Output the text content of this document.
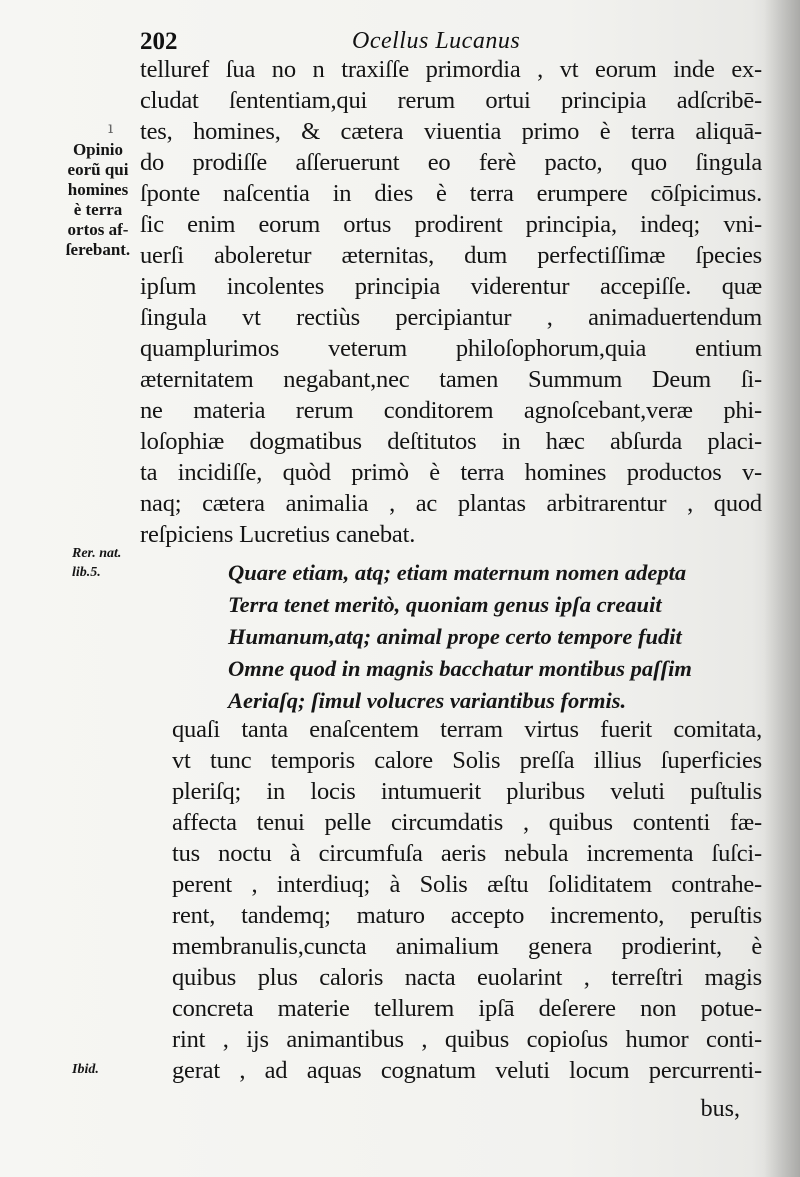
202	Ocellus Lucanus
ı
Opinio
eorũ qui
homines
è terra
ortos af-
ſerebant.
Rer. nat.
lib.5.
Ibid.
telluref ſua no n traxiſſe primordia , vt eorum inde ex-
cludat ſententiam,qui rerum ortui principia adſcribē-
tes, homines, & cætera viuentia primo è terra aliquā-
do prodiſſe aſſeruerunt eo ferè pacto, quo ſingula
ſponte naſcentia in dies è terra erumpere cōſpicimus.
ſic enim eorum ortus prodirent principia, indeq; vni-
uerſi aboleretur æternitas, dum perfectiſſimæ ſpecies
ipſum incolentes principia viderentur accepiſſe. quæ
ſingula vt rectiùs percipiantur , animaduertendum
quamplurimos veterum philoſophorum,quia entium
æternitatem negabant,nec tamen Summum Deum ſi-
ne materia rerum conditorem agnoſcebant,veræ phi-
loſophiæ dogmatibus deſtitutos in hæc abſurda placi-
ta incidiſſe, quòd primò è terra homines productos v-
naq; cætera animalia , ac plantas arbitrarentur , quod
reſpiciens Lucretius canebat.
Quare etiam, atq; etiam maternum nomen adepta
Terra tenet meritò, quoniam genus ipſa creauit
Humanum,atq; animal prope certo tempore fudit
Omne quod in magnis bacchatur montibus paſſim
Aeriaſq; ſimul volucres variantibus formis.
quaſi tanta enaſcentem terram virtus fuerit comitata,
vt tunc temporis calore Solis preſſa illius ſuperficies
pleriſq; in locis intumuerit pluribus veluti puſtulis
affecta tenui pelle circumdatis , quibus contenti fæ-
tus noctu à circumfuſa aeris nebula incrementa ſuſci-
perent , interdiuq; à Solis æſtu ſoliditatem contrahe-
rent, tandemq; maturo accepto incremento, peruſtis
membranulis,cuncta animalium genera prodierint, è
quibus plus caloris nacta euolarint , terreſtri magis
concreta materie tellurem ipſā deſerere non potue-
rint , ijs animantibus , quibus copioſus humor conti-
gerat , ad aquas cognatum veluti locum percurrenti-
bus,
